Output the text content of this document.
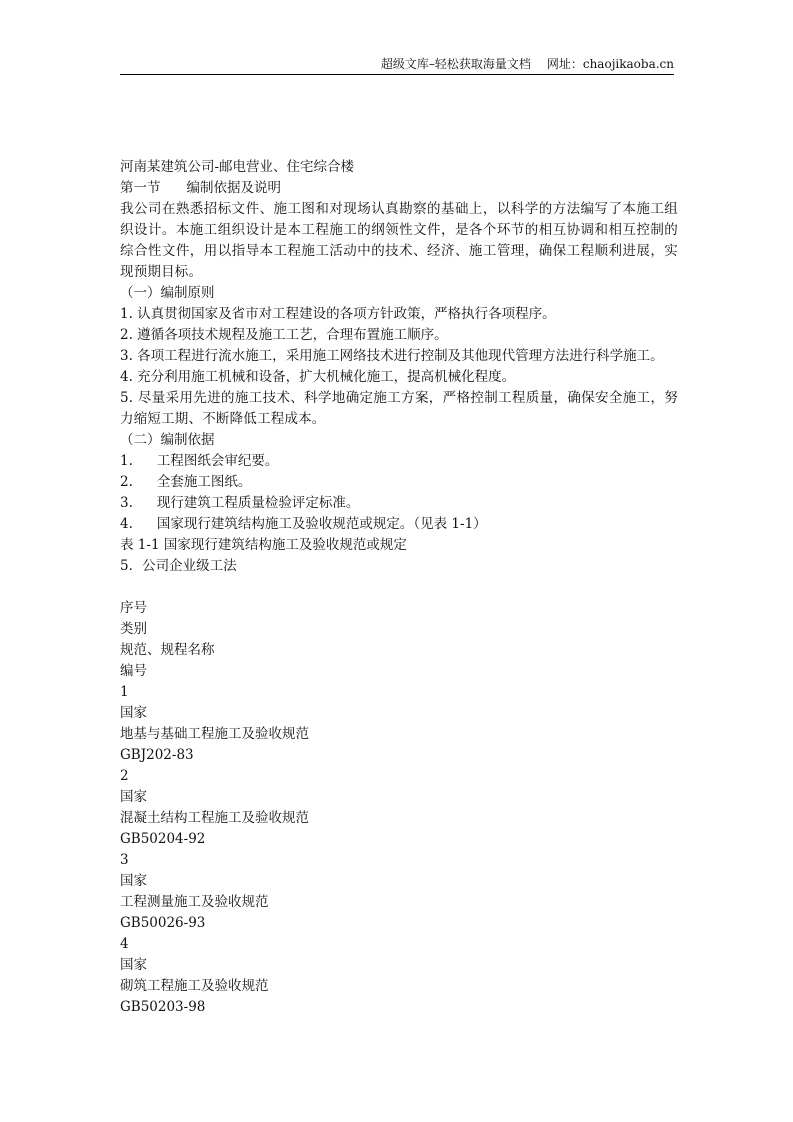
超级文库–轻松获取海量文档 网址：chaojikaoba.cn
河南某建筑公司-邮电营业、住宅综合楼
第一节 编制依据及说明
我公司在熟悉招标文件、施工图和对现场认真勘察的基础上，以科学的方法编写了本施工组织设计。本施工组织设计是本工程施工的纲领性文件，是各个环节的相互协调和相互控制的综合性文件，用以指导本工程施工活动中的技术、经济、施工管理，确保工程顺利进展，实现预期目标。
（一）编制原则
1. 认真贯彻国家及省市对工程建设的各项方针政策，严格执行各项程序。
2. 遵循各项技术规程及施工工艺，合理布置施工顺序。
3. 各项工程进行流水施工，采用施工网络技术进行控制及其他现代管理方法进行科学施工。
4. 充分利用施工机械和设备，扩大机械化施工，提高机械化程度。
5. 尽量采用先进的施工技术、科学地确定施工方案，严格控制工程质量，确保安全施工，努力缩短工期、不断降低工程成本。
（二）编制依据
1. 工程图纸会审纪要。
2. 全套施工图纸。
3. 现行建筑工程质量检验评定标准。
4. 国家现行建筑结构施工及验收规范或规定。（见表 1-1）
表 1-1 国家现行建筑结构施工及验收规范或规定
5．公司企业级工法
序号
类别
规范、规程名称
编号
1
国家
地基与基础工程施工及验收规范
GBJ202-83
2
国家
混凝土结构工程施工及验收规范
GB50204-92
3
国家
工程测量施工及验收规范
GB50026-93
4
国家
砌筑工程施工及验收规范
GB50203-98
